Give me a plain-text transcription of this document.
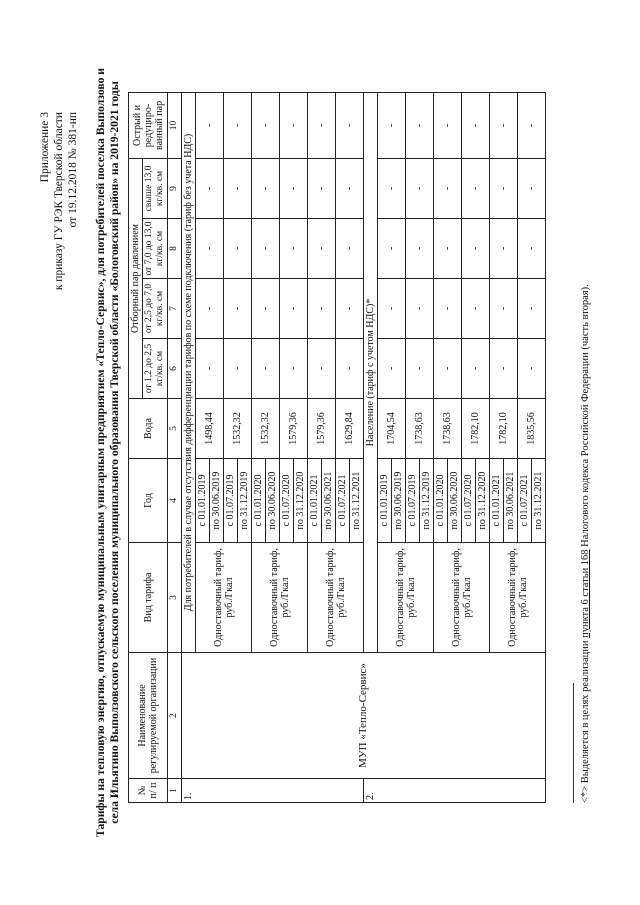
Приложение 3 к приказу ГУ РЭК Тверской области от 19.12.2018 № 381-нп Тарифы на тепловую энергию, отпускаемую муниципальным унитарным предприятием «Тепло-Сервис», для потребителей поселка Выползово и села Ильятино Выползовского сельского поселения муниципального образования Тверской области «Бологовский район» на 2019-2021 годы № п/ п	Наименование регулируемой организации	Вид тарифа	Год	Вода	Отборный пар давлением				Острый и редуциро-ванный пар
					от 1,2 до 2,5 кг/кв. см	от 2,5 до 7,0 кг/кв. см	от 7,0 до 13,0 кг/кв. см	свыше 13,0 кг/кв. см	
1	2	3	4	5	6	7	8	9	10
1.	МУП «Тепло-Сервис»	Для потребителей в случае отсутствия дифференциации тарифов по схеме подключения (тариф без учета НДС)							
		Одноставочный тариф, руб./Гкал	с 01.01.2019	1498,44	-	-	-	-	-
			по 30.06.2019						
			с 01.07.2019	1532,32	-	-	-	-	-
			по 31.12.2019						
		Одноставочный тариф, руб./Гкал	с 01.01.2020	1532,32	-	-	-	-	-
			по 30.06.2020						
			с 01.07.2020	1579,36	-	-	-	-	-
			по 31.12.2020						
		Одноставочный тариф, руб./Гкал	с 01.01.2021	1579,36	-	-	-	-	-
			по 30.06.2021						
			с 01.07.2021	1629,84	-	-	-	-	-
			по 31.12.2021						
2.		Население (тариф с учетом НДС)*							
		Одноставочный тариф, руб./Гкал	с 01.01.2019	1704,54	-	-	-	-	-
			по 30.06.2019						
			с 01.07.2019	1738,63	-	-	-	-	-
			по 31.12.2019						
		Одноставочный тариф, руб./Гкал	с 01.01.2020	1738,63	-	-	-	-	-
			по 30.06.2020						
			с 01.07.2020	1782,10	-	-	-	-	-
			по 31.12.2020						
		Одноставочный тариф, руб./Гкал	с 01.01.2021	1782,10	-	-	-	-	-
			по 30.06.2021						
			с 01.07.2021	1835,56	-	-	-	-	-
			по 31.12.2021						
<*> Выделяется в целях реализации пункта 6 статьи 168 Налогового кодекса Российской Федерации (часть вторая).
